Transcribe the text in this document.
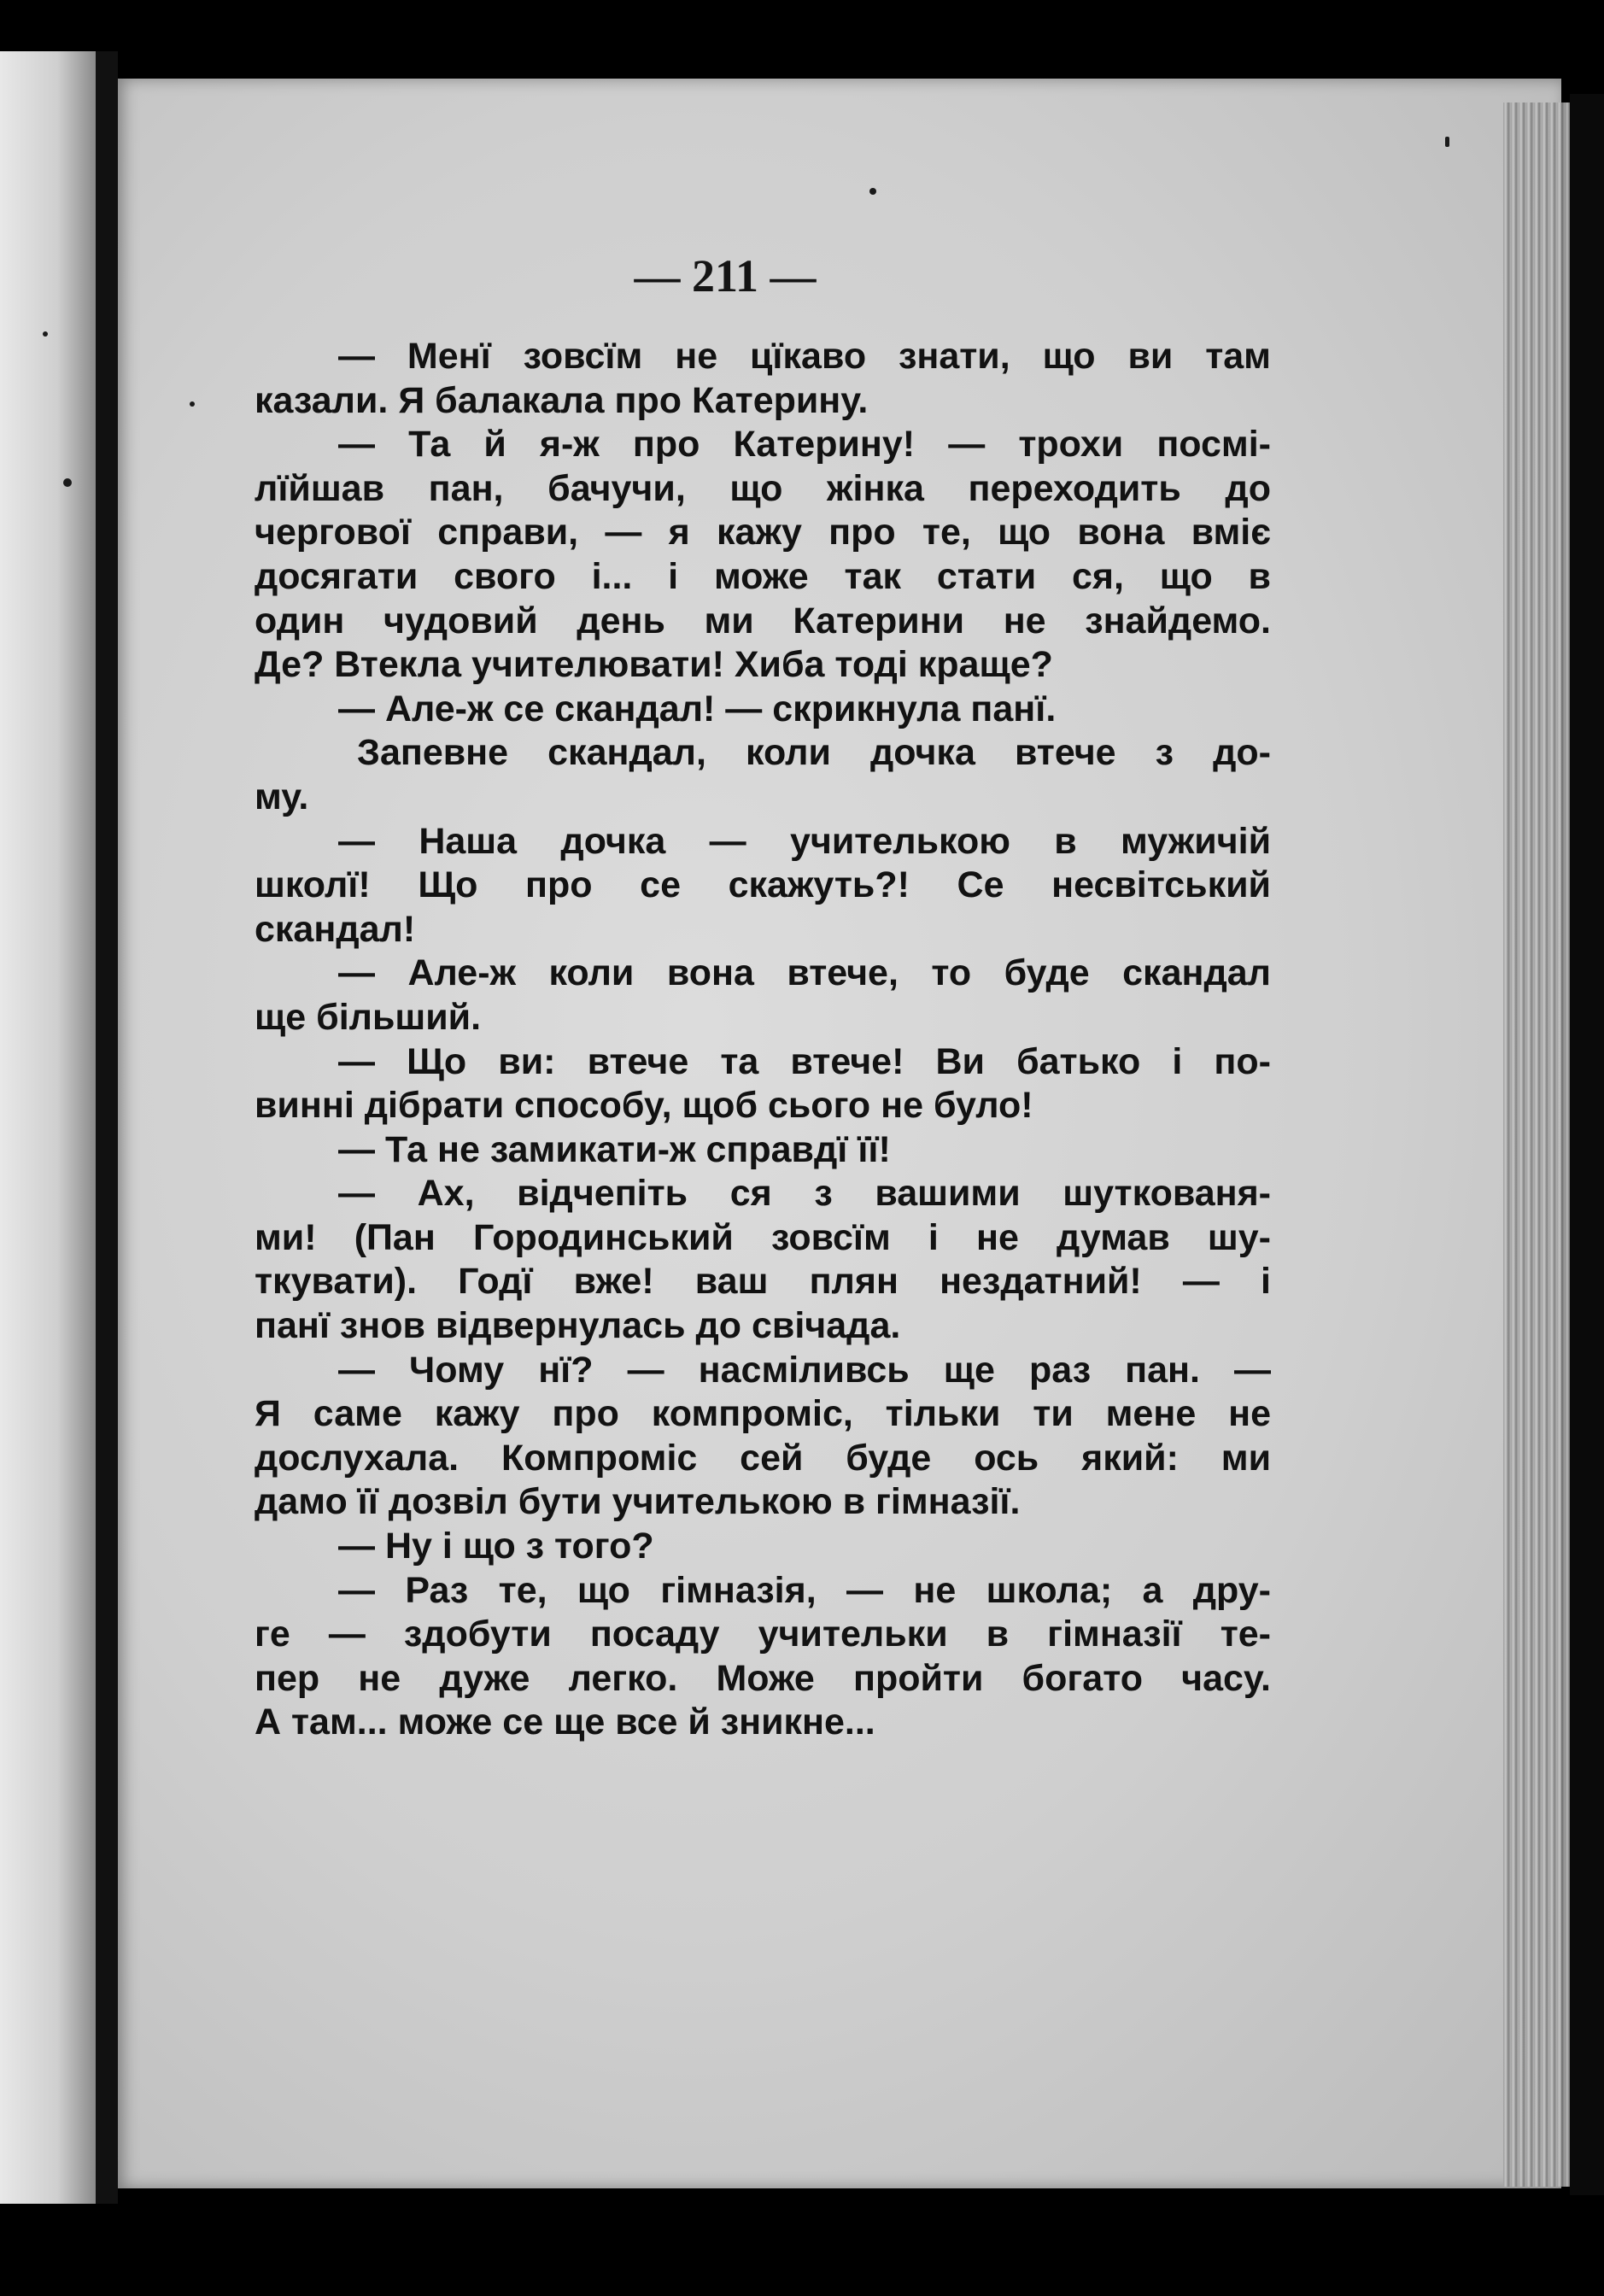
— 211 —
— Менї зовсїм не цїкаво знати, що ви там
казали. Я балакала про Катерину.
— Та й я-ж про Катерину! — трохи посмі-
лїйшав пан, бачучи, що жінка переходить до
чергової справи, — я кажу про те, що вона вміє
досягати свого і... і може так стати ся, що в
один чудовий день ми Катерини не знайдемо.
Де? Втекла учителювати! Хиба тоді краще?
— Але-ж се скандал! — скрикнула панї.
Запевне скандал, коли дочка втече з до-
му.
— Наша дочка — учителькою в мужичій
школї! Що про се скажуть?! Се несвітський
скандал!
— Але-ж коли вона втече, то буде скандал
ще більший.
— Що ви: втече та втече! Ви батько і по-
винні дібрати способу, щоб сього не було!
— Та не замикати-ж справдї її!
— Ах, відчепіть ся з вашими шуткованя-
ми! (Пан Городинський зовсїм і не думав шу-
ткувати). Годї вже! ваш плян нездатний! — і
панї знов відвернулась до свічада.
— Чому нї? — насміливсь ще раз пан. —
Я саме кажу про компроміс, тільки ти мене не
дослухала. Компроміс сей буде ось який: ми
дамо її дозвіл бути учителькою в гімназії.
— Ну і що з того?
— Раз те, що гімназія, — не школа; а дру-
ге — здобути посаду учительки в гімназії те-
пер не дуже легко. Може пройти богато часу.
А там... може се ще все й зникне...
